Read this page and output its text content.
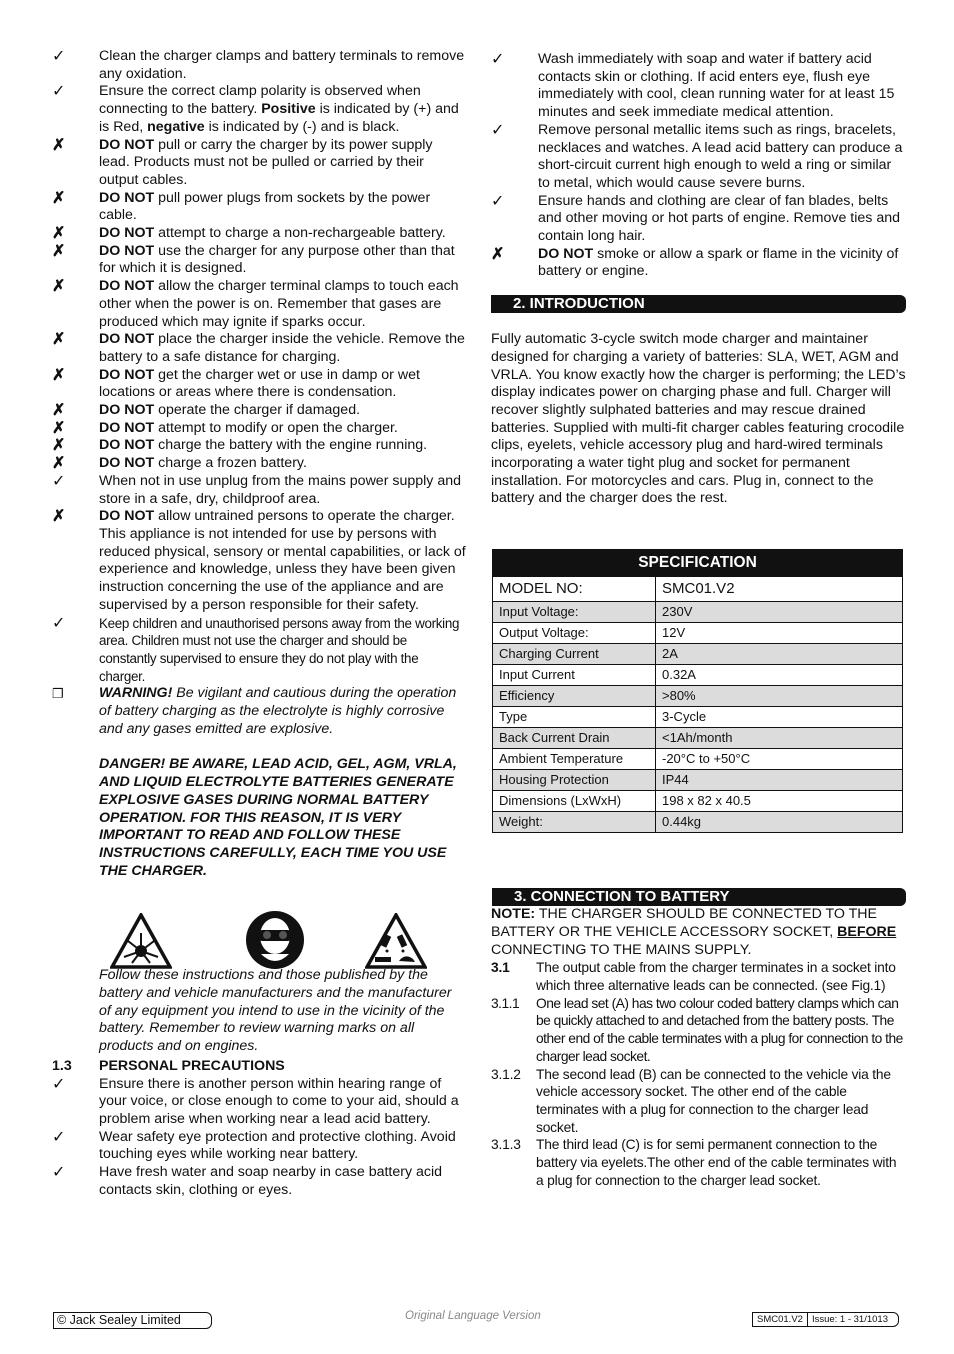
✓	Clean the charger clamps and battery terminals to remove any oxidation.

✓	Ensure the correct clamp polarity is observed when connecting to the battery. Positive is indicated by (+) and is Red, negative is indicated by (-) and is black.

✗	DO NOT pull or carry the charger by its power supply lead. Products must not be pulled or carried by their output cables.

✗	DO NOT pull power plugs from sockets by the power cable.

✗	DO NOT attempt to charge a non-rechargeable battery.

✗	DO NOT use the charger for any purpose other than that for which it is designed.

✗	DO NOT allow the charger terminal clamps to touch each other when the power is on. Remember that gases are produced which may ignite if sparks occur.

✗	DO NOT place the charger inside the vehicle. Remove the battery to a safe distance for charging.

✗	DO NOT get the charger wet or use in damp or wet locations or areas where there is condensation.

✗	DO NOT operate the charger if damaged.

✗	DO NOT attempt to modify or open the charger.

✗	DO NOT charge the battery with the engine running.

✗	DO NOT charge a frozen battery.

✓	When not in use unplug from the mains power supply and store in a safe, dry, childproof area.

✗	DO NOT allow untrained persons to operate the charger. This appliance is not intended for use by persons with reduced physical, sensory or mental capabilities, or lack of experience and knowledge, unless they have been given instruction concerning the use of the appliance and are supervised by a person responsible for their safety.

✓	Keep children and unauthorised persons away from the working area. Children must not use the charger and should be constantly supervised to ensure they do not play with the charger.

❒	WARNING! Be vigilant and cautious during the operation of battery charging as the electrolyte is highly corrosive and any gases emitted are explosive.

DANGER! BE AWARE, LEAD ACID, GEL, AGM, VRLA, AND LIQUID ELECTROLYTE BATTERIES GENERATE EXPLOSIVE GASES DURING NORMAL BATTERY OPERATION. FOR THIS REASON, IT IS VERY IMPORTANT TO READ AND FOLLOW THESE INSTRUCTIONS CAREFULLY, EACH TIME YOU USE THE CHARGER.

Follow these instructions and those published by the battery and vehicle manufacturers and the manufacturer of any equipment you intend to use in the vicinity of the battery. Remember to review warning marks on all products and on engines.

1.3 PERSONAL PRECAUTIONS

✓	Ensure there is another person within hearing range of your voice, or close enough to come to your aid, should a problem arise when working near a lead acid battery.

✓	Wear safety eye protection and protective clothing. Avoid touching eyes while working near battery.

✓	Have fresh water and soap nearby in case battery acid contacts skin, clothing or eyes.

✓	Wash immediately with soap and water if battery acid contacts skin or clothing. If acid enters eye, flush eye immediately with cool, clean running water for at least 15 minutes and seek immediate medical attention.

✓	Remove personal metallic items such as rings, bracelets, necklaces and watches. A lead acid battery can produce a short-circuit current high enough to weld a ring or similar to metal, which would cause severe burns.

✓	Ensure hands and clothing are clear of fan blades, belts and other moving or hot parts of engine. Remove ties and contain long hair.

✗	DO NOT smoke or allow a spark or flame in the vicinity of battery or engine.

2. INTRODUCTION

Fully automatic 3-cycle switch mode charger and maintainer designed for charging a variety of batteries: SLA, WET, AGM and VRLA. You know exactly how the charger is performing; the LED’s display indicates power on charging phase and full. Charger will recover slightly sulphated batteries and may rescue drained batteries. Supplied with multi-fit charger cables featuring crocodile clips, eyelets, vehicle accessory plug and hard-wired terminals incorporating a water tight plug and socket for permanent installation. For motorcycles and cars. Plug in, connect to the battery and the charger does the rest.

SPECIFICATION	
MODEL NO:	SMC01.V2
Input Voltage:	230V
Output Voltage:	12V
Charging Current	2A
Input Current	0.32A
Efficiency	>80%
Type	3-Cycle
Back Current Drain	<1Ah/month
Ambient Temperature	-20°C to +50°C
Housing Protection	IP44
Dimensions (LxWxH)	198 x 82 x 40.5
Weight:	0.44kg
3. CONNECTION TO BATTERY

NOTE: THE CHARGER SHOULD BE CONNECTED TO THE BATTERY OR THE VEHICLE ACCESSORY SOCKET, BEFORE CONNECTING TO THE MAINS SUPPLY.

3.1 The output cable from the charger terminates in a socket into which three alternative leads can be connected. (see Fig.1)

3.1.1 One lead set (A) has two colour coded battery clamps which can be quickly attached to and detached from the battery posts. The other end of the cable terminates with a plug for connection to the charger lead socket.

3.1.2 The second lead (B) can be connected to the vehicle via the vehicle accessory socket. The other end of the cable terminates with a plug for connection to the charger lead socket.

3.1.3 The third lead (C) is for semi permanent connection to the battery via eyelets.The other end of the cable terminates with a plug for connection to the charger lead socket.

© Jack Sealey Limited	Original Language Version	SMC01.V2 Issue: 1 - 31/1013
